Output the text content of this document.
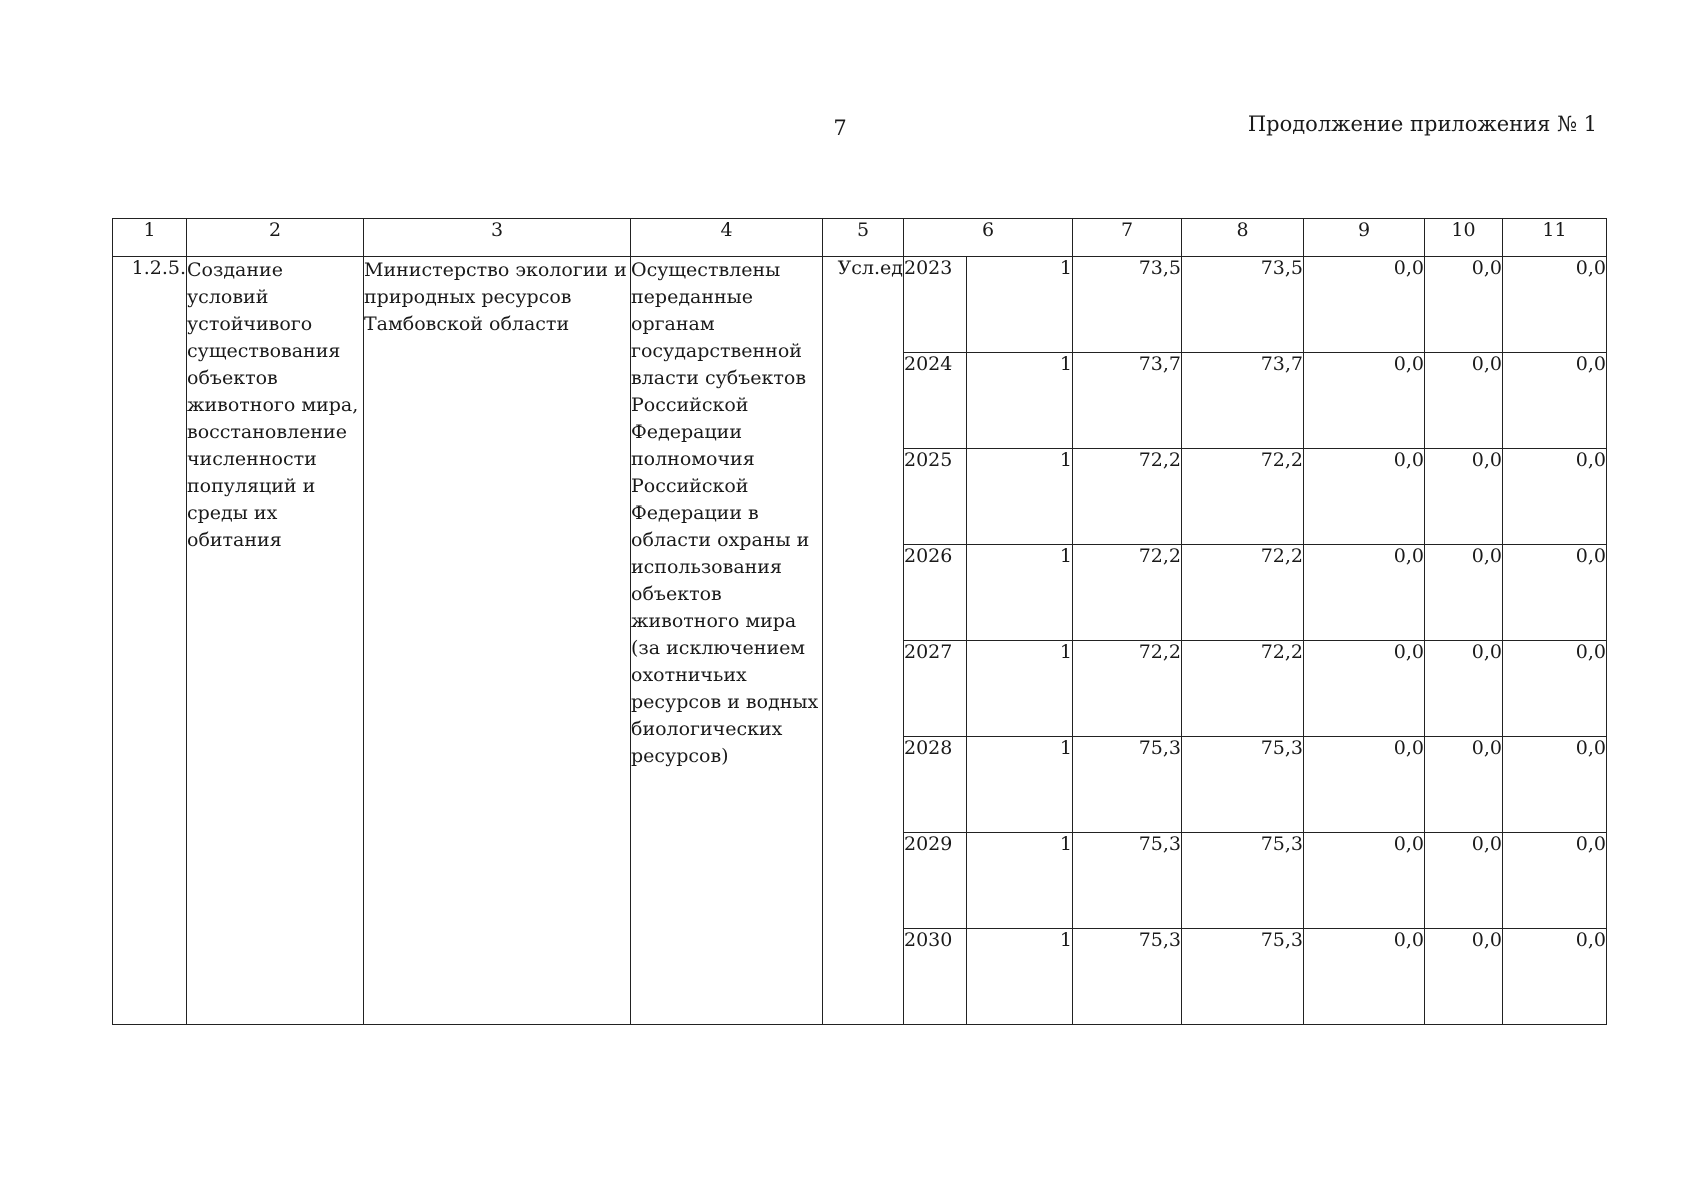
7	Продолжение приложения № 1
1	2	3	4	5	6		7	8	9	10	11
1.2.5.	Создание условий устойчивого существования объектов животного мира, восстановление численности популяций и среды их обитания	Министерство экологии и природных ресурсов Тамбовской области	Осуществлены переданные органам государственной власти субъектов Российской Федерации полномочия Российской Федерации в области охраны и использования объектов животного мира (за исключением охотничьих ресурсов и водных биологических ресурсов)	Усл.ед	2023	1	73,5	73,5	0,0	0,0	0,0
					2024	1	73,7	73,7	0,0	0,0	0,0
					2025	1	72,2	72,2	0,0	0,0	0,0
					2026	1	72,2	72,2	0,0	0,0	0,0
					2027	1	72,2	72,2	0,0	0,0	0,0
					2028	1	75,3	75,3	0,0	0,0	0,0
					2029	1	75,3	75,3	0,0	0,0	0,0
					2030	1	75,3	75,3	0,0	0,0	0,0
